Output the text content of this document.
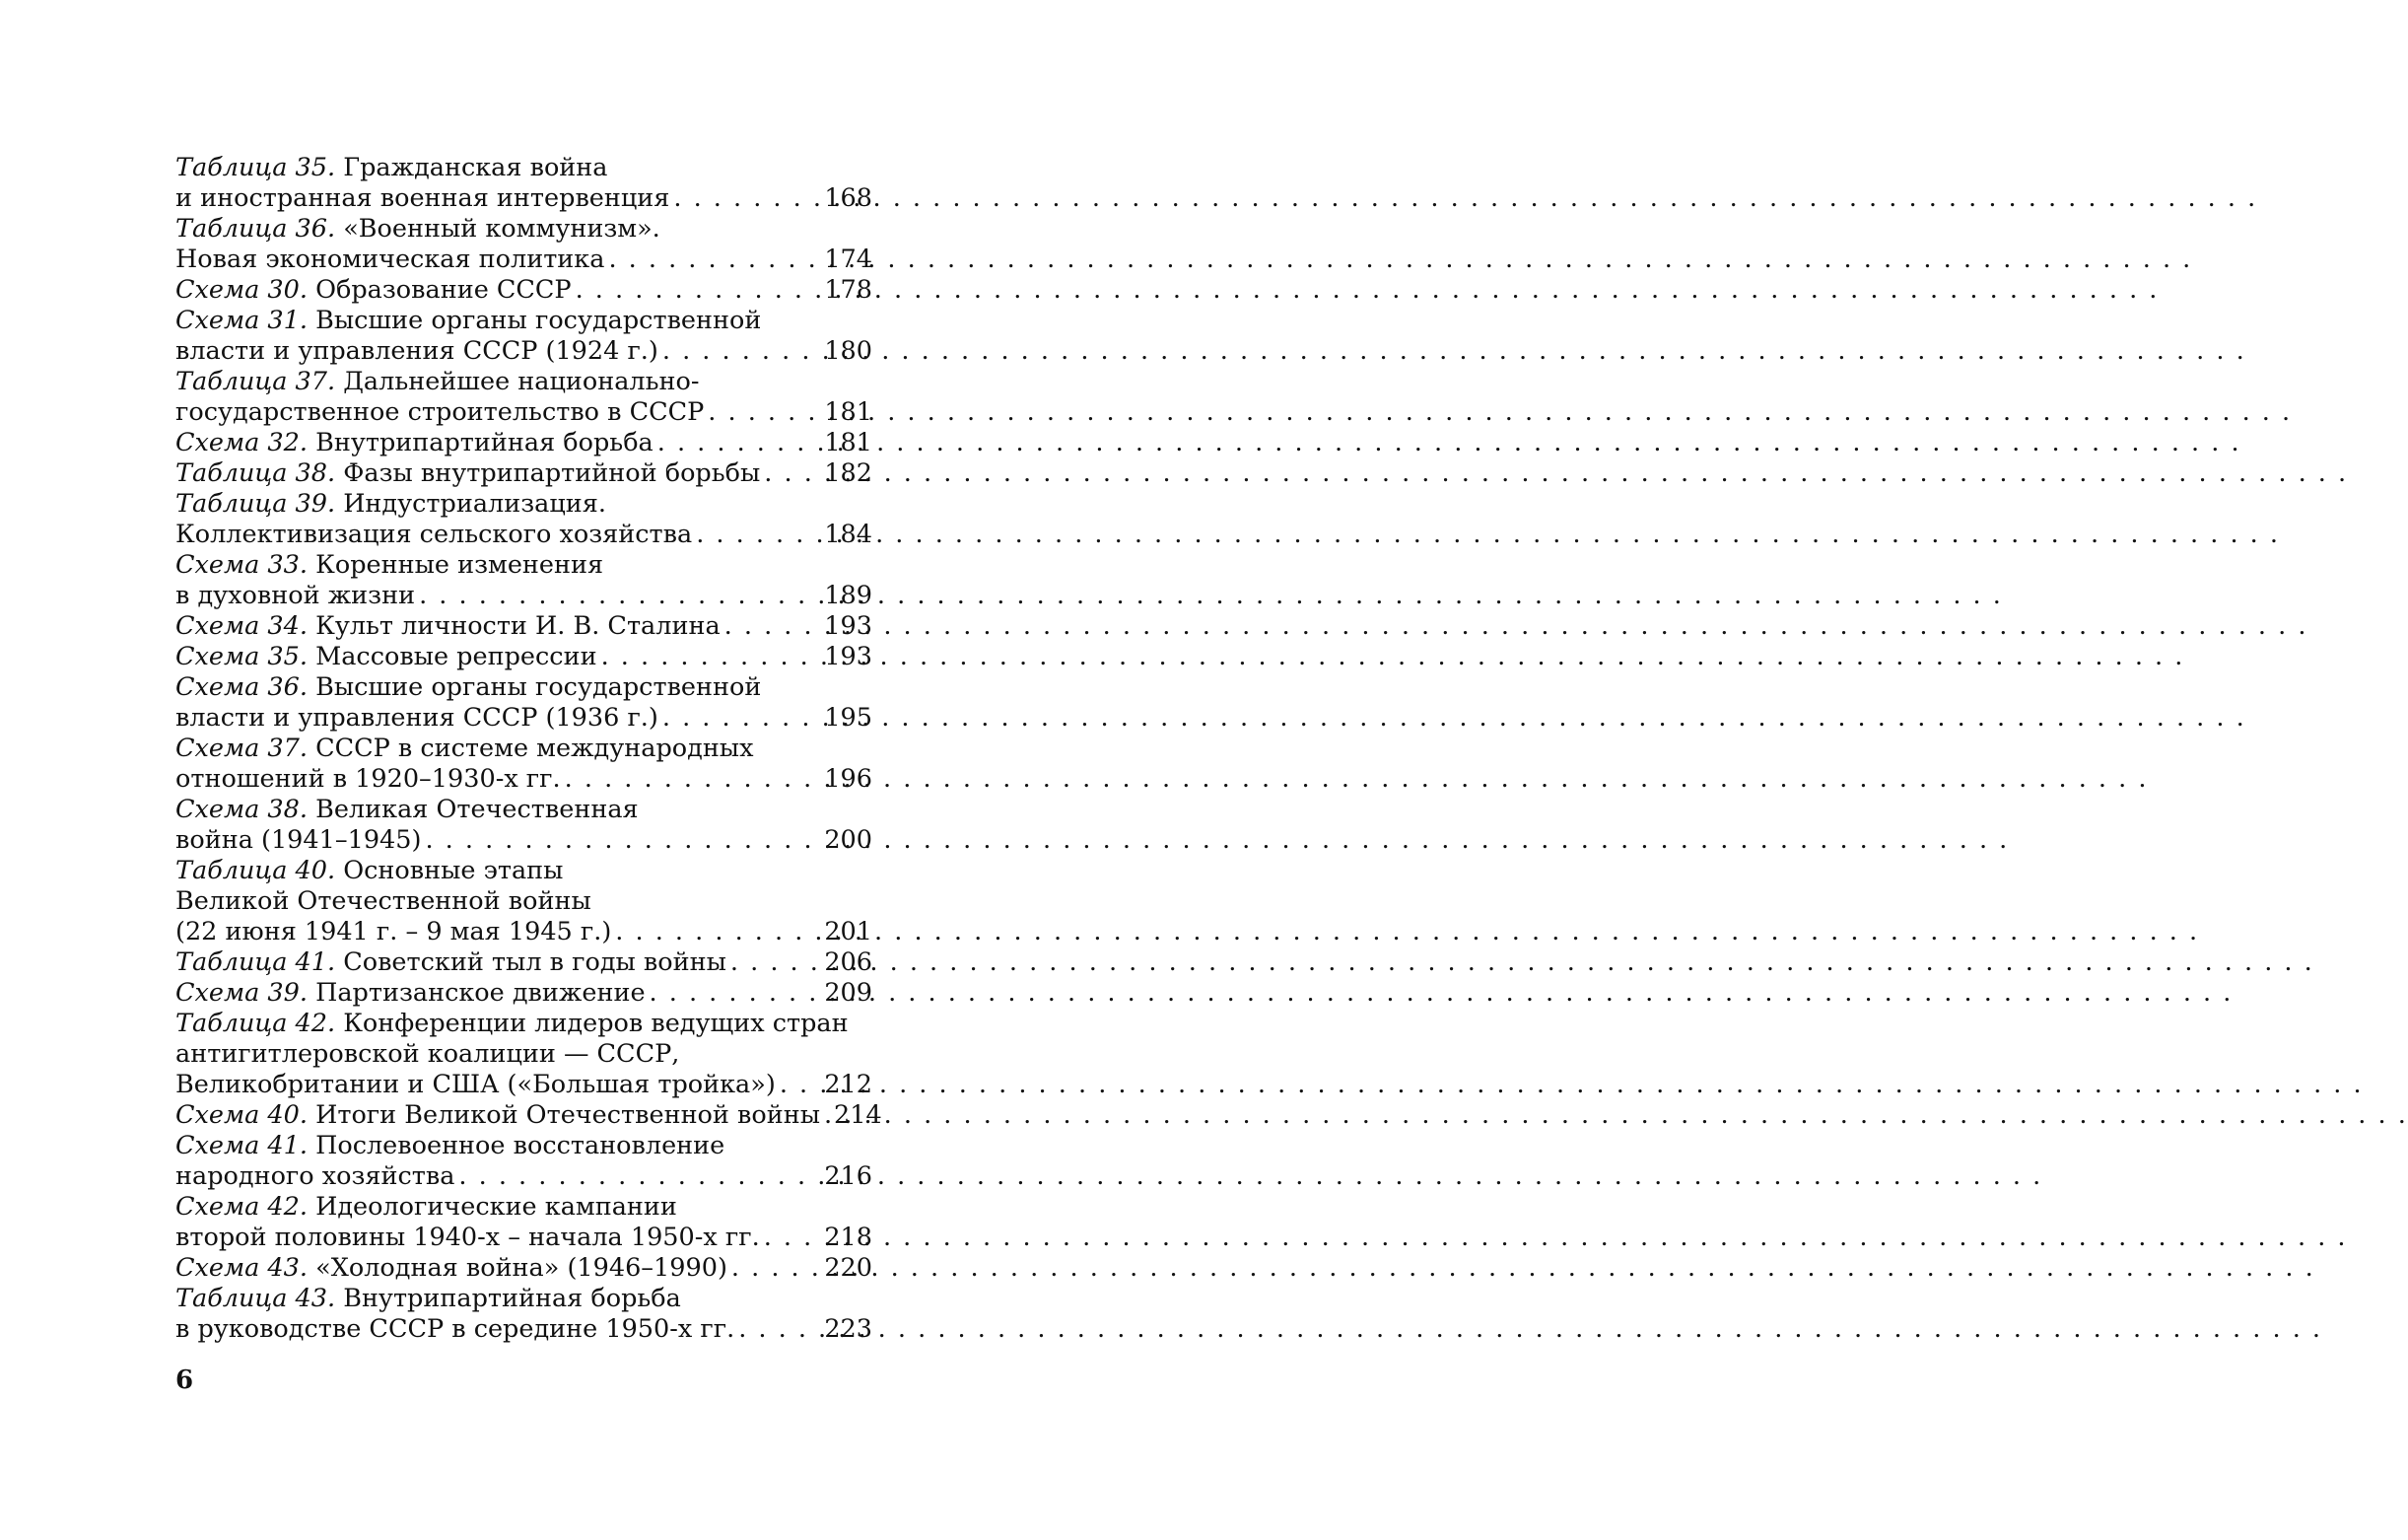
Таблица 35. Гражданская война
и иностранная военная интервенция . . .	168
Таблица 36. «Военный коммунизм».
Новая экономическая политика . . .	174
Схема 30. Образование СССР . . .	178
Схема 31. Высшие органы государственной
власти и управления СССР (1924 г.) . . .	180
Таблица 37. Дальнейшее национально-
государственное строительство в СССР . . .	181
Схема 32. Внутрипартийная борьба . . .	181
Таблица 38. Фазы внутрипартийной борьбы . . .	182
Таблица 39. Индустриализация.
Коллективизация сельского хозяйства . . .	184
Схема 33. Коренные изменения
в духовной жизни . . .	189
Схема 34. Культ личности И. В. Сталина . . .	193
Схема 35. Массовые репрессии . . .	193
Схема 36. Высшие органы государственной
власти и управления СССР (1936 г.) . . .	195
Схема 37. СССР в системе международных
отношений в 1920–1930-х гг. . . .	196
Схема 38. Великая Отечественная
война (1941–1945) . . .	200
Таблица 40. Основные этапы
Великой Отечественной войны
(22 июня 1941 г. – 9 мая 1945 г.) . . .	201
Таблица 41. Советский тыл в годы войны . . .	206
Схема 39. Партизанское движение . . .	209
Таблица 42. Конференции лидеров ведущих стран
антигитлеровской коалиции — СССР,
Великобритании и США («Большая тройка») . . . 212
Схема 40. Итоги Великой Отечественной войны . . . 214
Схема 41. Послевоенное восстановление
народного хозяйства . . .	216
Схема 42. Идеологические кампании
второй половины 1940-х – начала 1950-х гг. . . .	218
Схема 43. «Холодная война» (1946–1990) . . .	220
Таблица 43. Внутрипартийная борьба
в руководстве СССР в середине 1950-х гг. . . .	223
6
